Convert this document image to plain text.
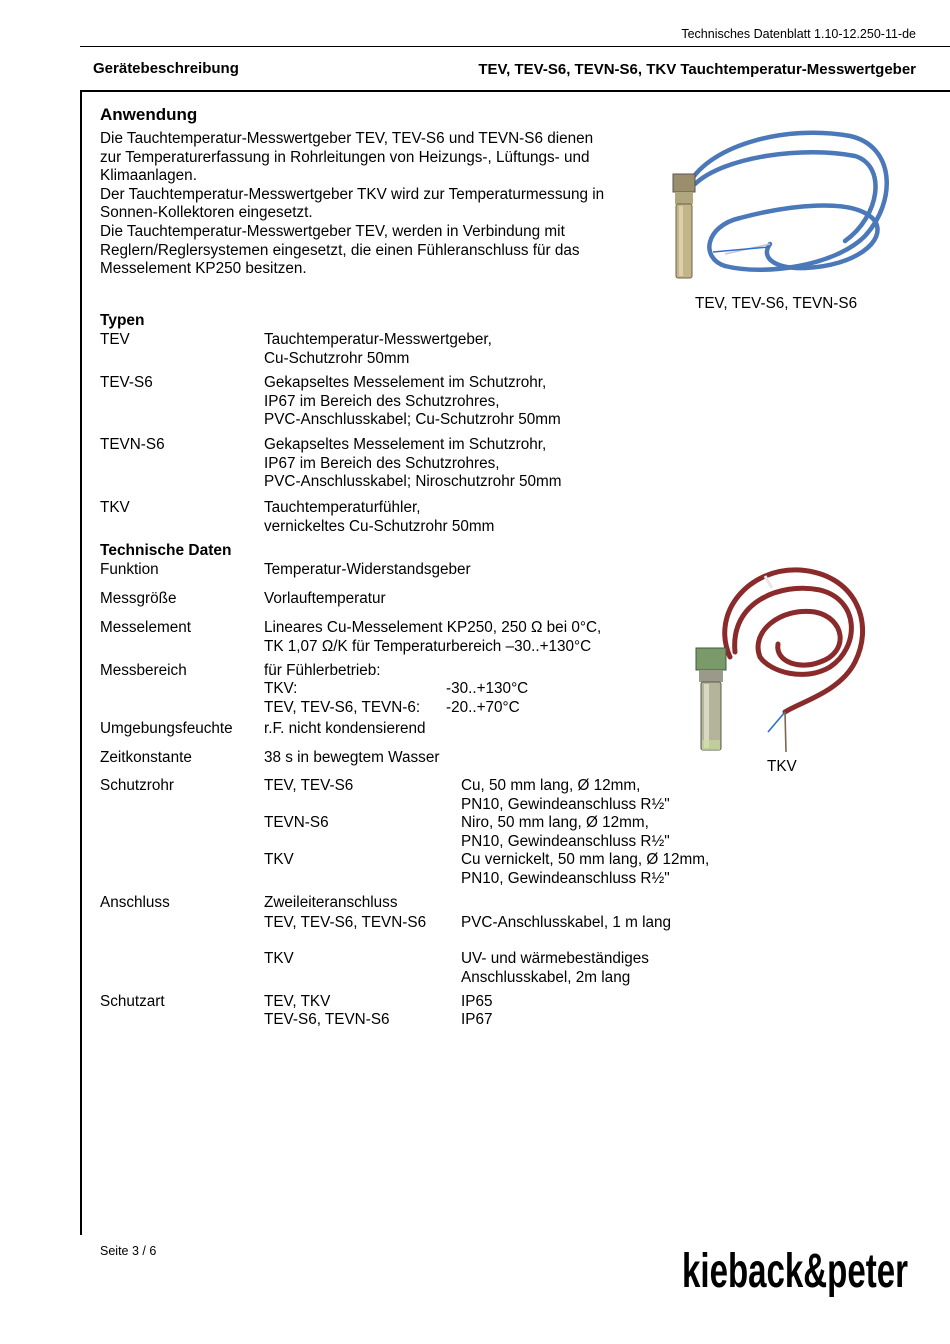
Technisches Datenblatt 1.10-12.250-11-de
Gerätebeschreibung	TEV, TEV-S6, TEVN-S6, TKV Tauchtemperatur-Messwertgeber
Anwendung
Die Tauchtemperatur-Messwertgeber TEV, TEV-S6 und TEVN-S6 dienen
zur Temperaturerfassung in Rohrleitungen von Heizungs-, Lüftungs- und
Klimaanlagen.
Der Tauchtemperatur-Messwertgeber TKV wird zur Temperaturmessung in
Sonnen-Kollektoren eingesetzt.
Die Tauchtemperatur-Messwertgeber TEV, werden in Verbindung mit
Reglern/Reglersystemen eingesetzt, die einen Fühleranschluss für das
Messelement KP250 besitzen.
TEV, TEV-S6, TEVN-S6
Typen
TEV	Tauchtemperatur-Messwertgeber,
Cu-Schutzrohr 50mm
TEV-S6	Gekapseltes Messelement im Schutzrohr,
IP67 im Bereich des Schutzrohres,
PVC-Anschlusskabel; Cu-Schutzrohr 50mm
TEVN-S6	Gekapseltes Messelement im Schutzrohr,
IP67 im Bereich des Schutzrohres,
PVC-Anschlusskabel; Niroschutzrohr 50mm
TKV	Tauchtemperaturfühler,
vernickeltes Cu-Schutzrohr 50mm
Technische Daten
Funktion	Temperatur-Widerstandsgeber
Messgröße	Vorlauftemperatur
Messelement	Lineares Cu-Messelement KP250, 250 Ω bei 0°C,
TK 1,07 Ω/K für Temperaturbereich –30..+130°C
Messbereich	für Fühlerbetrieb:
TKV:	-30..+130°C
TEV, TEV-S6, TEVN-6: -20..+70°C
Umgebungsfeuchte r.F. nicht kondensierend
Zeitkonstante	38 s in bewegtem Wasser
Schutzrohr	TEV, TEV-S6	Cu, 50 mm lang, Ø 12mm,
PN10, Gewindeanschluss R½"
TEVN-S6	Niro, 50 mm lang, Ø 12mm,
PN10, Gewindeanschluss R½"
TKV	Cu vernickelt, 50 mm lang, Ø 12mm,
PN10, Gewindeanschluss R½"
Anschluss	Zweileiteranschluss
TEV, TEV-S6, TEVN-S6 PVC-Anschlusskabel, 1 m lang
TKV	UV- und wärmebeständiges
Anschlusskabel, 2m lang
Schutzart	TEV, TKV	IP65
TEV-S6, TEVN-S6	IP67
TKV
Seite 3 / 6	kieback&peter
